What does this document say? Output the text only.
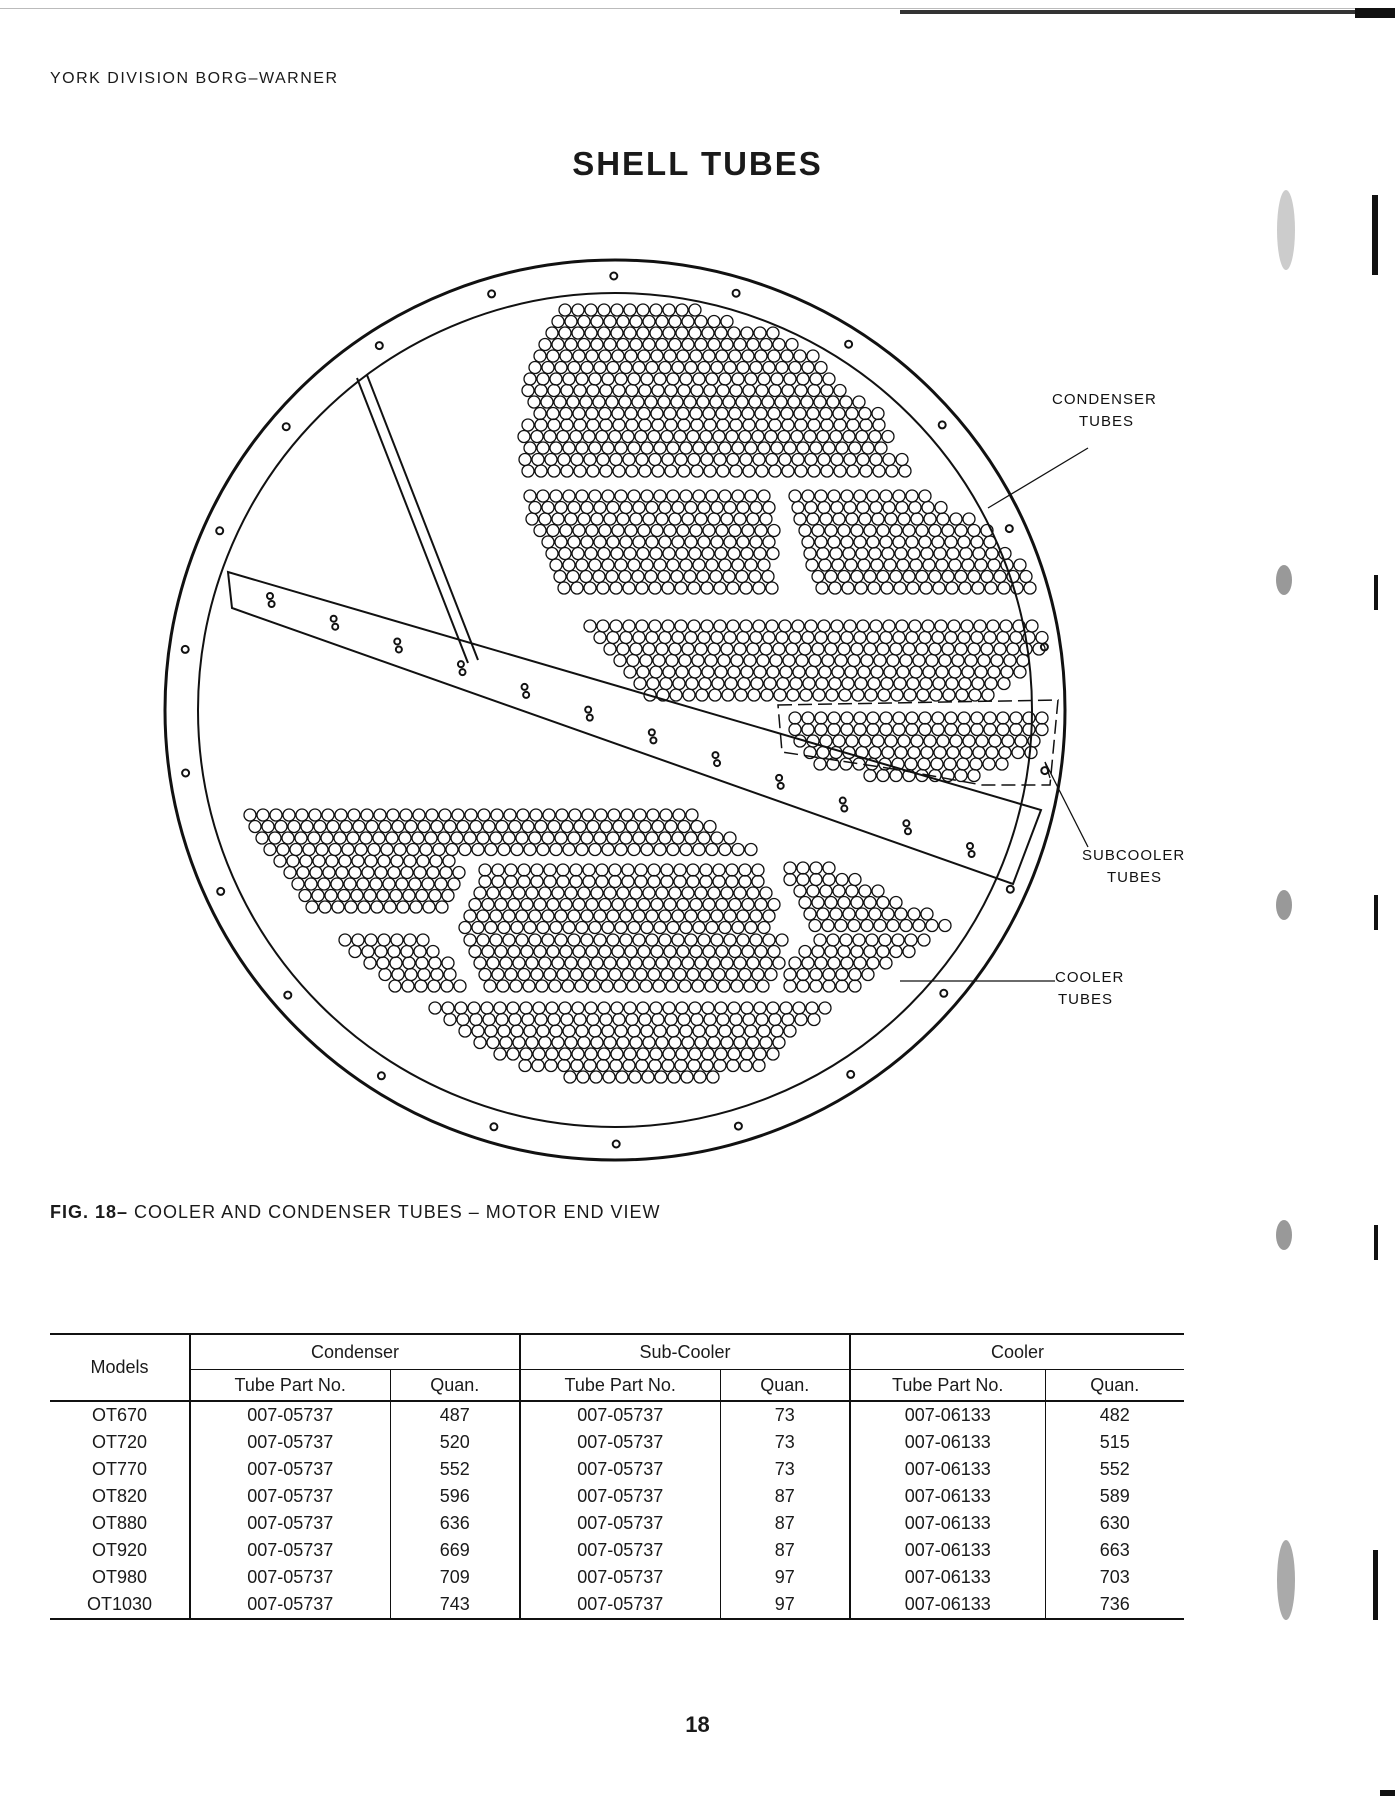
YORK DIVISION BORG–WARNER
SHELL TUBES
CONDENSER
TUBES
SUBCOOLER
TUBES
COOLER
TUBES
FIG. 18– COOLER AND CONDENSER TUBES – MOTOR END VIEW
Models	Condenser		Sub-Cooler		Cooler	
	Tube Part No.	Quan.	Tube Part No.	Quan.	Tube Part No.	Quan.
OT670	007-05737	487	007-05737	73	007-06133	482
OT720	007-05737	520	007-05737	73	007-06133	515
OT770	007-05737	552	007-05737	73	007-06133	552
OT820	007-05737	596	007-05737	87	007-06133	589
OT880	007-05737	636	007-05737	87	007-06133	630
OT920	007-05737	669	007-05737	87	007-06133	663
OT980	007-05737	709	007-05737	97	007-06133	703
OT1030	007-05737	743	007-05737	97	007-06133	736
18
